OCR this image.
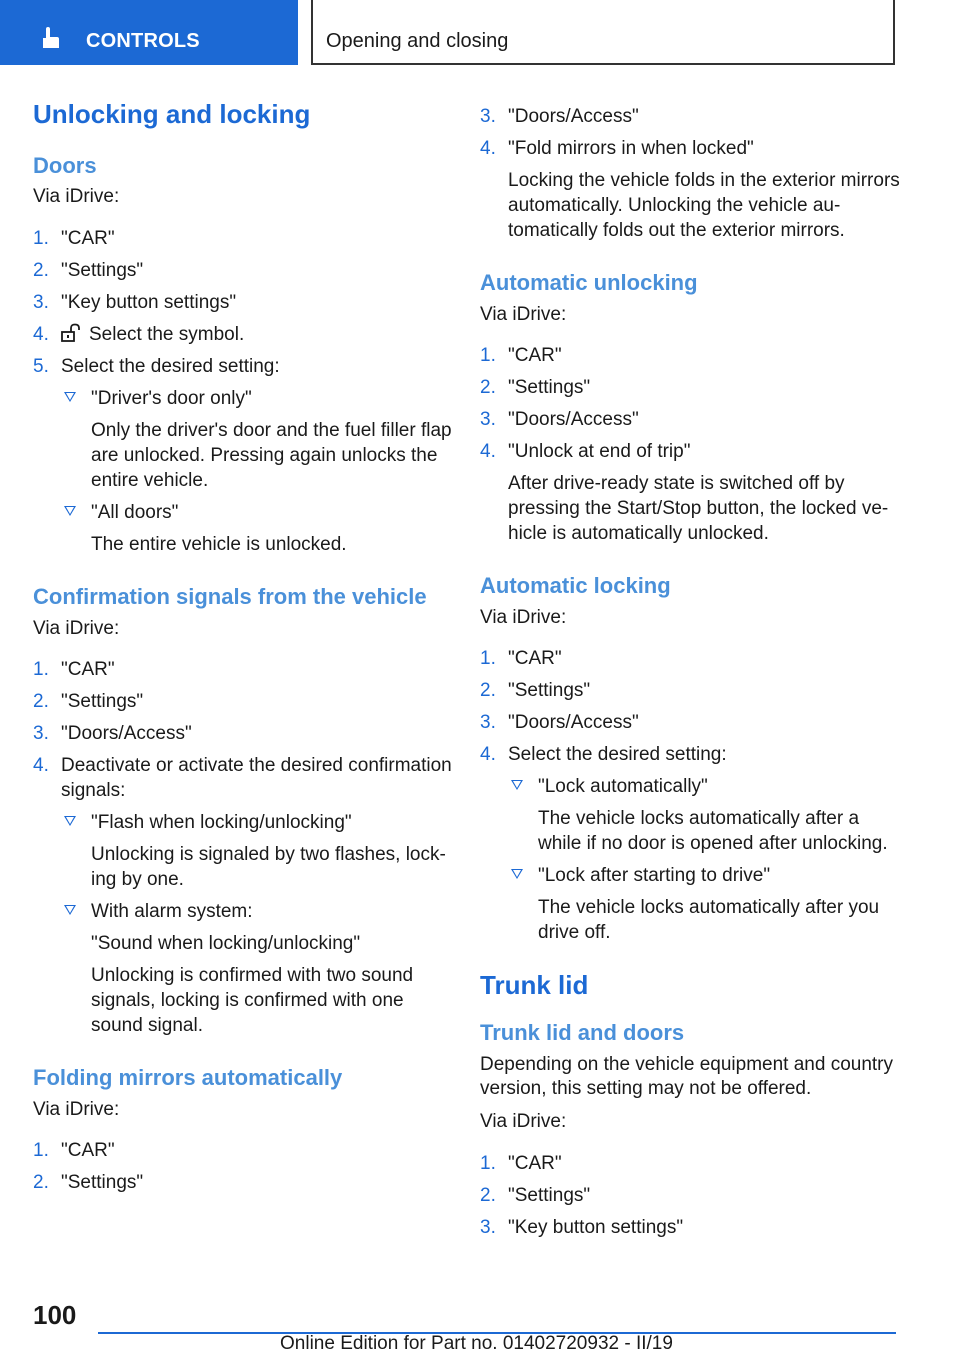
CONTROLS	Opening and closing
Unlocking and locking
Doors

Via iDrive:

1. "CAR"
2. "Settings"
3. "Key button settings"
4. Select the symbol.
5. Select the desired setting:
"Driver's door only"
Only the driver's door and the fuel filler flap are unlocked. Pressing again unlocks the entire vehicle.
"All doors"
The entire vehicle is unlocked.
Confirmation signals from the vehicle

Via iDrive:

1. "CAR"
2. "Settings"
3. "Doors/Access"
4. Deactivate or activate the desired confirmation signals:
"Flash when locking/unlocking"
Unlocking is signaled by two flashes, locking by one.
With alarm system:
"Sound when locking/unlocking"
Unlocking is confirmed with two sound signals, locking is confirmed with one sound signal.
Folding mirrors automatically

Via iDrive:

1. "CAR"
2. "Settings"
3. "Doors/Access"
4. "Fold mirrors in when locked"
Locking the vehicle folds in the exterior mirrors automatically. Unlocking the vehicle automatically folds out the exterior mirrors.
Automatic unlocking

Via iDrive:

1. "CAR"
2. "Settings"
3. "Doors/Access"
4. "Unlock at end of trip"
After drive-ready state is switched off by pressing the Start/Stop button, the locked vehicle is automatically unlocked.
Automatic locking

Via iDrive:

1. "CAR"
2. "Settings"
3. "Doors/Access"
4. Select the desired setting:
"Lock automatically"
The vehicle locks automatically after a while if no door is opened after unlocking.
"Lock after starting to drive"
The vehicle locks automatically after you drive off.
Trunk lid
Trunk lid and doors

Depending on the vehicle equipment and country version, this setting may not be offered.

Via iDrive:

1. "CAR"
2. "Settings"
3. "Key button settings"
100
Online Edition for Part no. 01402720932 - II/19
